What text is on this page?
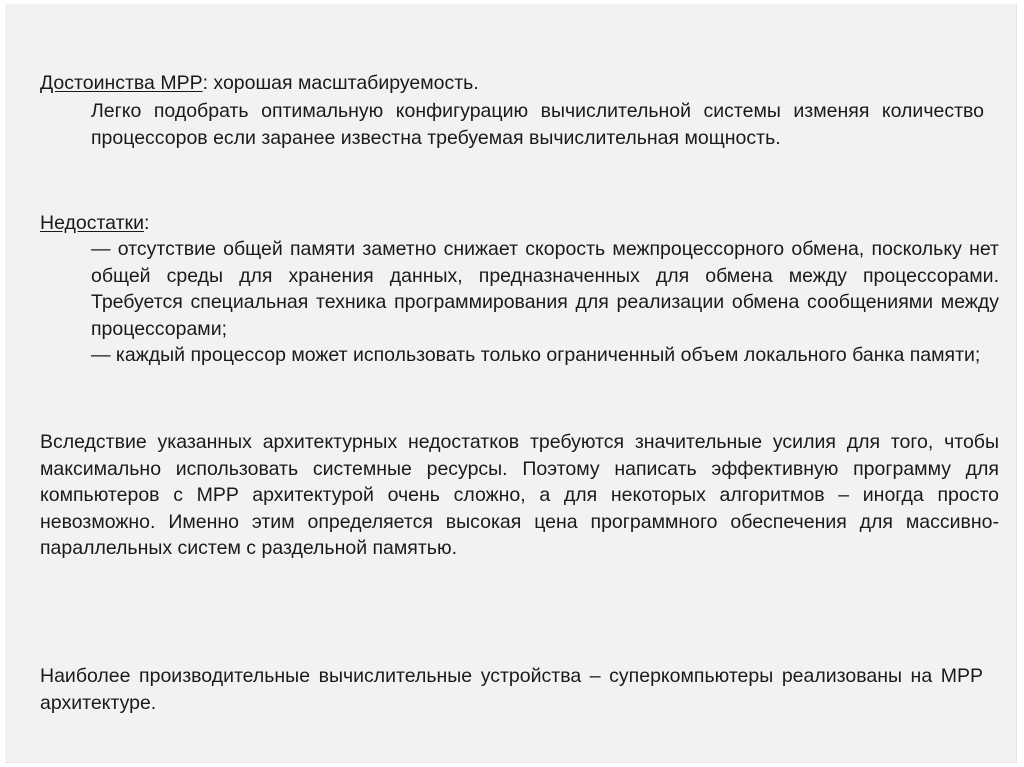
Достоинства MPP: хорошая масштабируемость.

Легко подобрать оптимальную конфигурацию вычислительной системы изменяя количество процессоров если заранее известна требуемая вычислительная мощность.

Недостатки:

— отсутствие общей памяти заметно снижает скорость межпроцессорного обмена, поскольку нет общей среды для хранения данных, предназначенных для обмена между процессорами. Требуется специальная техника программирования для реализации обмена сообщениями между процессорами;
— каждый процессор может использовать только ограниченный объем локального банка памяти;

Вследствие указанных архитектурных недостатков требуются значительные усилия для того, чтобы максимально использовать системные ресурсы. Поэтому написать эффективную программу для компьютеров с MPP архитектурой очень сложно, а для некоторых алгоритмов – иногда просто невозможно. Именно этим определяется высокая цена программного обеспечения для массивно-параллельных систем с раздельной памятью.

Наиболее производительные вычислительные устройства – суперкомпьютеры реализованы на MPP архитектуре.
